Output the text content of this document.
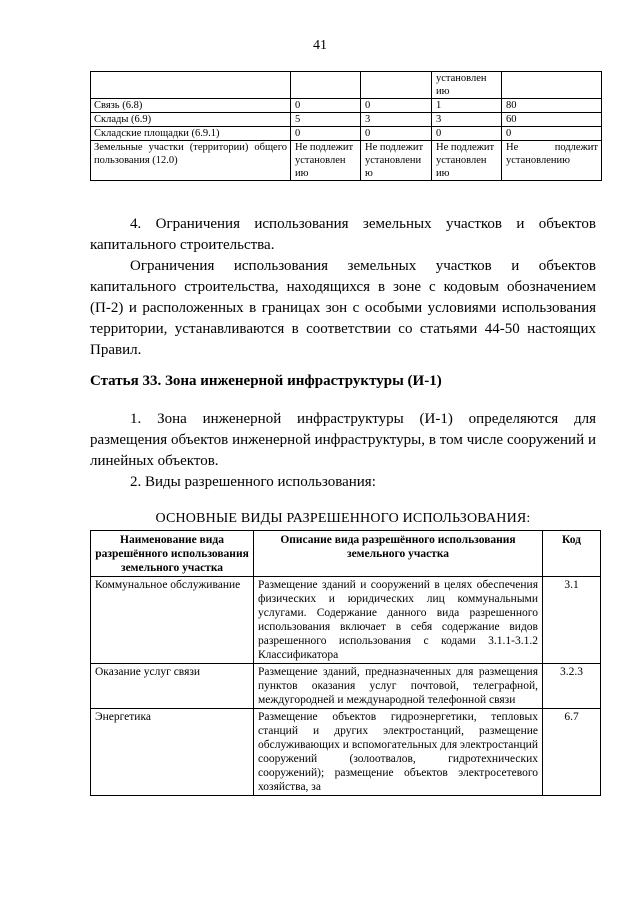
41
			установлен ию	
Связь (6.8)	0	0	1	80
Склады (6.9)	5	3	3	60
Складские площадки (6.9.1)	0	0	0	0
Земельные участки (территории) общего пользования (12.0)	Не подлежит установлен ию	Не подлежит установлени ю	Не подлежит установлен ию	Не подлежит установлению
4. Ограничения использования земельных участков и объектов капитального строительства.
Ограничения использования земельных участков и объектов капитального строительства, находящихся в зоне с кодовым обозначением (П-2) и расположенных в границах зон с особыми условиями использования территории, устанавливаются в соответствии со статьями 44-50 настоящих Правил.
Статья 33. Зона инженерной инфраструктуры (И-1)
1. Зона инженерной инфраструктуры (И-1) определяются для размещения объектов инженерной инфраструктуры, в том числе сооружений и линейных объектов.
2. Виды разрешенного использования:
ОСНОВНЫЕ ВИДЫ РАЗРЕШЕННОГО ИСПОЛЬЗОВАНИЯ:
Наименование вида разрешённого использования земельного участка	Описание вида разрешённого использования земельного участка	Код
Коммунальное обслуживание	Размещение зданий и сооружений в целях обеспечения физических и юридических лиц коммунальными услугами. Содержание данного вида разрешенного использования включает в себя содержание видов разрешенного использования с кодами 3.1.1-3.1.2 Классификатора	3.1
Оказание услуг связи	Размещение зданий, предназначенных для размещения пунктов оказания услуг почтовой, телеграфной, междугородней и международной телефонной связи	3.2.3
Энергетика	Размещение объектов гидроэнергетики, тепловых станций и других электростанций, размещение обслуживающих и вспомогательных для электростанций сооружений (золоотвалов, гидротехнических сооружений); размещение объектов электросетевого хозяйства, за	6.7
